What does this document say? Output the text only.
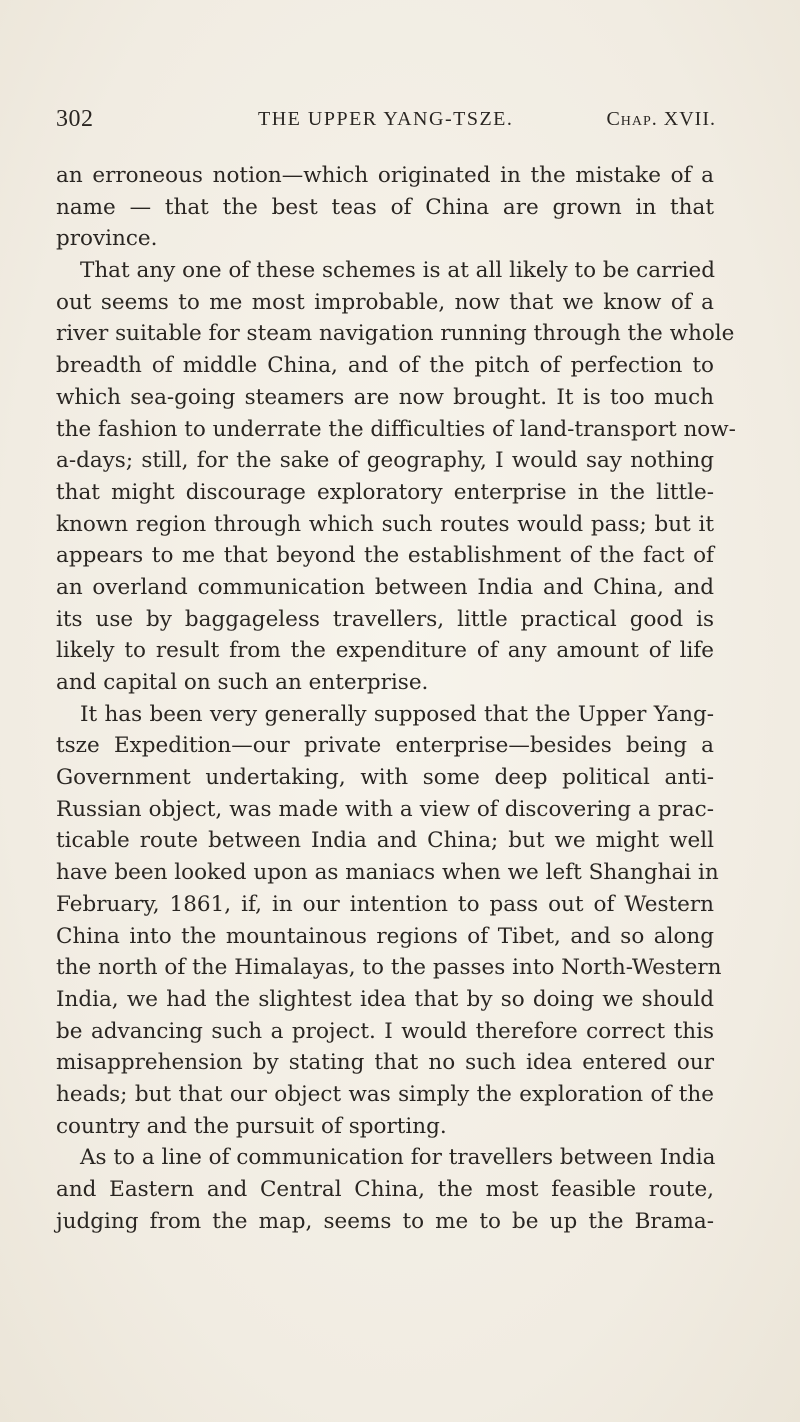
302	THE UPPER YANG-TSZE.	Chap. XVII.
an erroneous notion—which originated in the mistake of a
name — that the best teas of China are grown in that
province.
That any one of these schemes is at all likely to be carried
out seems to me most improbable, now that we know of a
river suitable for steam navigation running through the whole
breadth of middle China, and of the pitch of perfection to
which sea-going steamers are now brought. It is too much
the fashion to underrate the difficulties of land-transport now-
a-days; still, for the sake of geography, I would say nothing
that might discourage exploratory enterprise in the little-
known region through which such routes would pass; but it
appears to me that beyond the establishment of the fact of
an overland communication between India and China, and
its use by baggageless travellers, little practical good is
likely to result from the expenditure of any amount of life
and capital on such an enterprise.
It has been very generally supposed that the Upper Yang-
tsze Expedition—our private enterprise—besides being a
Government undertaking, with some deep political anti-
Russian object, was made with a view of discovering a prac-
ticable route between India and China; but we might well
have been looked upon as maniacs when we left Shanghai in
February, 1861, if, in our intention to pass out of Western
China into the mountainous regions of Tibet, and so along
the north of the Himalayas, to the passes into North-Western
India, we had the slightest idea that by so doing we should
be advancing such a project. I would therefore correct this
misapprehension by stating that no such idea entered our
heads; but that our object was simply the exploration of the
country and the pursuit of sporting.
As to a line of communication for travellers between India
and Eastern and Central China, the most feasible route,
judging from the map, seems to me to be up the Brama-
